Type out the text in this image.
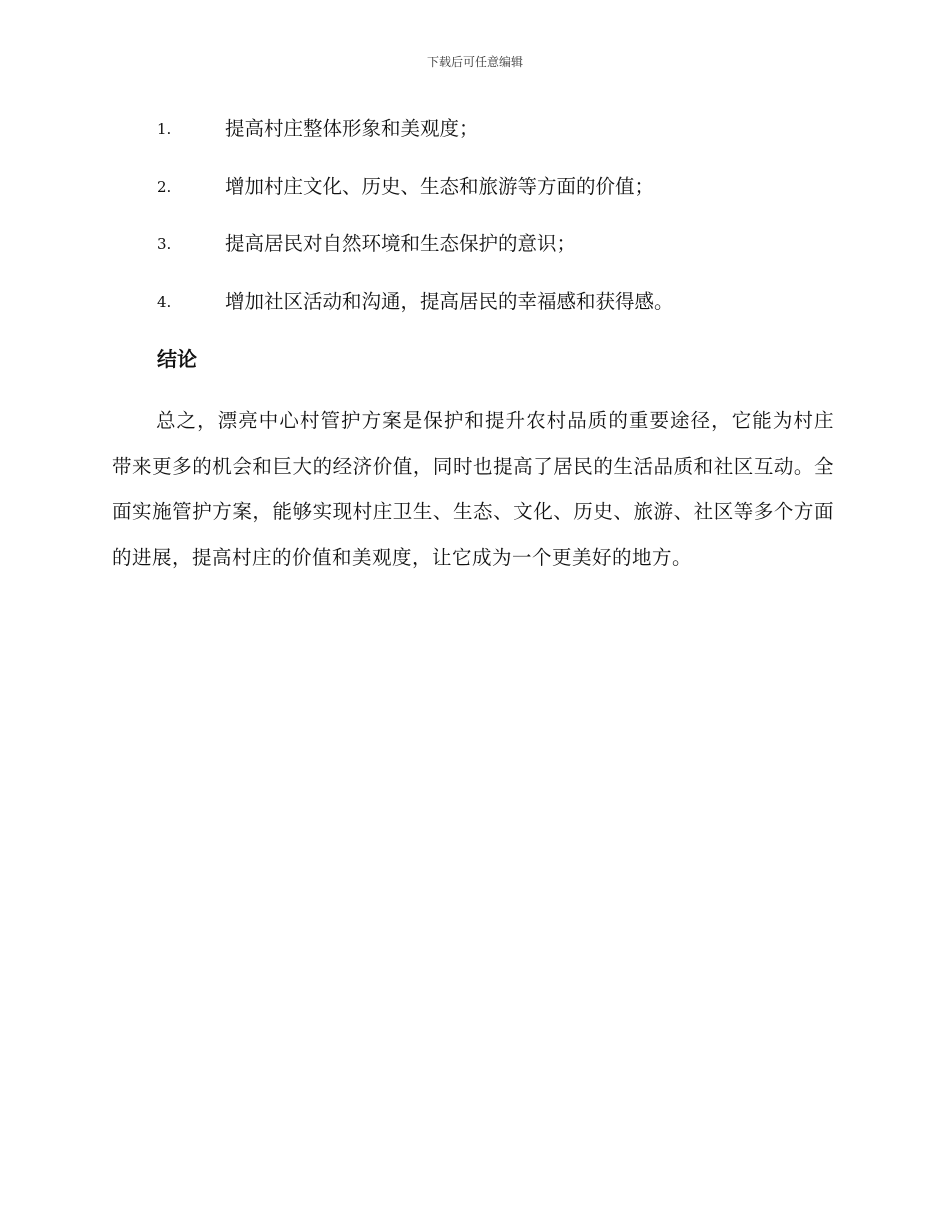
下载后可任意编辑
1.	提高村庄整体形象和美观度；
2.	增加村庄文化、历史、生态和旅游等方面的价值；
3.	提高居民对自然环境和生态保护的意识；
4.	增加社区活动和沟通，提高居民的幸福感和获得感。
结论

总之，漂亮中心村管护方案是保护和提升农村品质的重要途径，它能为村庄带来更多的机会和巨大的经济价值，同时也提高了居民的生活品质和社区互动。全面实施管护方案，能够实现村庄卫生、生态、文化、历史、旅游、社区等多个方面的进展，提高村庄的价值和美观度，让它成为一个更美好的地方。
